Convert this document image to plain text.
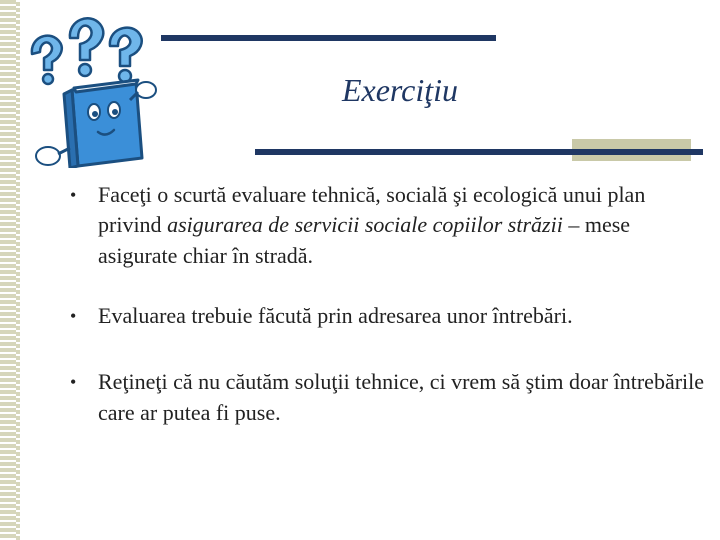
Exerciţiu

• Faceţi o scurtă evaluare tehnică, socială şi ecologică unui plan privind asigurarea de servicii sociale copiilor străzii – mese asigurate chiar în stradă.

• Evaluarea trebuie făcută prin adresarea unor întrebări.

• Reţineţi că nu căutăm soluţii tehnice, ci vrem să ştim doar întrebările care ar putea fi puse.
